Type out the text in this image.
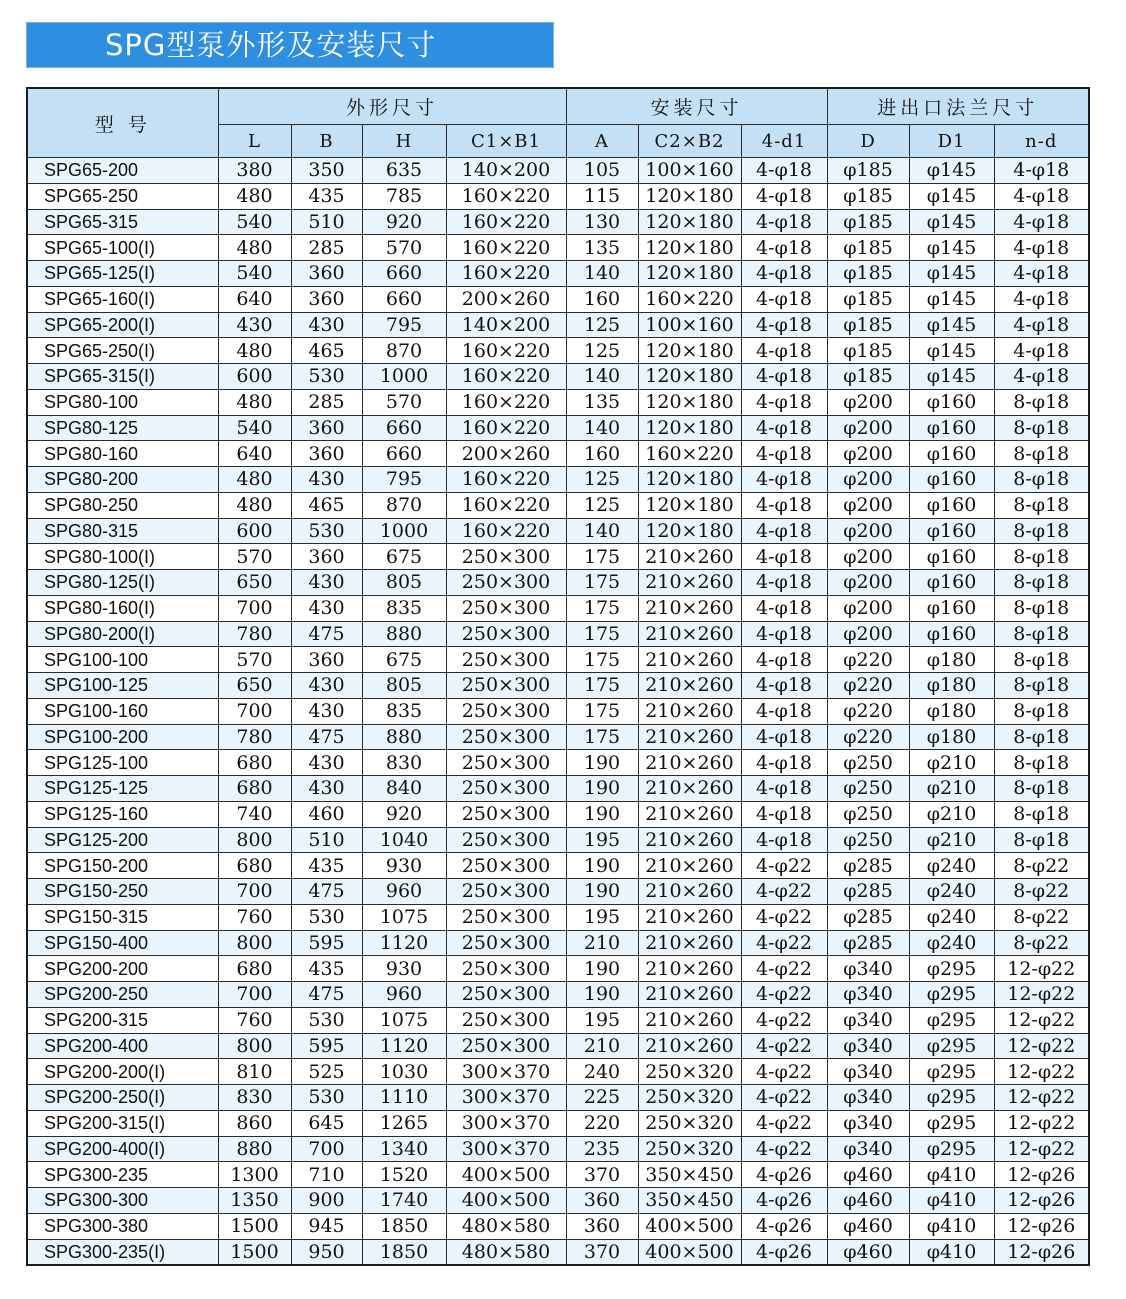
SPG型泵外形及安装尺寸
型 号	外形尺寸				安装尺寸			进出口法兰尺寸		
	L	B	H	C1×B1	A	C2×B2	4-d1	D	D1	n-d
SPG65-200	380	350	635	140×200	105	100×160	4-φ18	φ185	φ145	4-φ18
SPG65-250	480	435	785	160×220	115	120×180	4-φ18	φ185	φ145	4-φ18
SPG65-315	540	510	920	160×220	130	120×180	4-φ18	φ185	φ145	4-φ18
SPG65-100(I)	480	285	570	160×220	135	120×180	4-φ18	φ185	φ145	4-φ18
SPG65-125(I)	540	360	660	160×220	140	120×180	4-φ18	φ185	φ145	4-φ18
SPG65-160(I)	640	360	660	200×260	160	160×220	4-φ18	φ185	φ145	4-φ18
SPG65-200(I)	430	430	795	140×200	125	100×160	4-φ18	φ185	φ145	4-φ18
SPG65-250(I)	480	465	870	160×220	125	120×180	4-φ18	φ185	φ145	4-φ18
SPG65-315(I)	600	530	1000	160×220	140	120×180	4-φ18	φ185	φ145	4-φ18
SPG80-100	480	285	570	160×220	135	120×180	4-φ18	φ200	φ160	8-φ18
SPG80-125	540	360	660	160×220	140	120×180	4-φ18	φ200	φ160	8-φ18
SPG80-160	640	360	660	200×260	160	160×220	4-φ18	φ200	φ160	8-φ18
SPG80-200	480	430	795	160×220	125	120×180	4-φ18	φ200	φ160	8-φ18
SPG80-250	480	465	870	160×220	125	120×180	4-φ18	φ200	φ160	8-φ18
SPG80-315	600	530	1000	160×220	140	120×180	4-φ18	φ200	φ160	8-φ18
SPG80-100(I)	570	360	675	250×300	175	210×260	4-φ18	φ200	φ160	8-φ18
SPG80-125(I)	650	430	805	250×300	175	210×260	4-φ18	φ200	φ160	8-φ18
SPG80-160(I)	700	430	835	250×300	175	210×260	4-φ18	φ200	φ160	8-φ18
SPG80-200(I)	780	475	880	250×300	175	210×260	4-φ18	φ200	φ160	8-φ18
SPG100-100	570	360	675	250×300	175	210×260	4-φ18	φ220	φ180	8-φ18
SPG100-125	650	430	805	250×300	175	210×260	4-φ18	φ220	φ180	8-φ18
SPG100-160	700	430	835	250×300	175	210×260	4-φ18	φ220	φ180	8-φ18
SPG100-200	780	475	880	250×300	175	210×260	4-φ18	φ220	φ180	8-φ18
SPG125-100	680	430	830	250×300	190	210×260	4-φ18	φ250	φ210	8-φ18
SPG125-125	680	430	840	250×300	190	210×260	4-φ18	φ250	φ210	8-φ18
SPG125-160	740	460	920	250×300	190	210×260	4-φ18	φ250	φ210	8-φ18
SPG125-200	800	510	1040	250×300	195	210×260	4-φ18	φ250	φ210	8-φ18
SPG150-200	680	435	930	250×300	190	210×260	4-φ22	φ285	φ240	8-φ22
SPG150-250	700	475	960	250×300	190	210×260	4-φ22	φ285	φ240	8-φ22
SPG150-315	760	530	1075	250×300	195	210×260	4-φ22	φ285	φ240	8-φ22
SPG150-400	800	595	1120	250×300	210	210×260	4-φ22	φ285	φ240	8-φ22
SPG200-200	680	435	930	250×300	190	210×260	4-φ22	φ340	φ295	12-φ22
SPG200-250	700	475	960	250×300	190	210×260	4-φ22	φ340	φ295	12-φ22
SPG200-315	760	530	1075	250×300	195	210×260	4-φ22	φ340	φ295	12-φ22
SPG200-400	800	595	1120	250×300	210	210×260	4-φ22	φ340	φ295	12-φ22
SPG200-200(I)	810	525	1030	300×370	240	250×320	4-φ22	φ340	φ295	12-φ22
SPG200-250(I)	830	530	1110	300×370	225	250×320	4-φ22	φ340	φ295	12-φ22
SPG200-315(I)	860	645	1265	300×370	220	250×320	4-φ22	φ340	φ295	12-φ22
SPG200-400(I)	880	700	1340	300×370	235	250×320	4-φ22	φ340	φ295	12-φ22
SPG300-235	1300	710	1520	400×500	370	350×450	4-φ26	φ460	φ410	12-φ26
SPG300-300	1350	900	1740	400×500	360	350×450	4-φ26	φ460	φ410	12-φ26
SPG300-380	1500	945	1850	480×580	360	400×500	4-φ26	φ460	φ410	12-φ26
SPG300-235(I)	1500	950	1850	480×580	370	400×500	4-φ26	φ460	φ410	12-φ26
